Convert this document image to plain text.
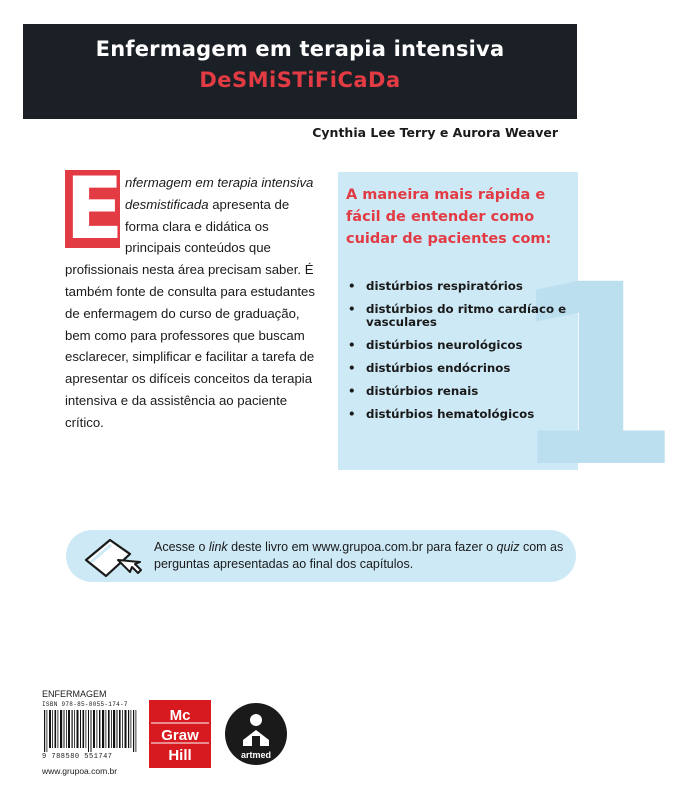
Enfermagem em terapia intensiva
DeSMiSTiFiCaDa
Cynthia Lee Terry e Aurora Weaver
E nfermagem em terapia intensiva desmistificada apresenta de forma clara e didática os principais conteúdos que profissionais nesta área precisam saber. É também fonte de consulta para estudantes de enfermagem do curso de graduação, bem como para professores que buscam esclarecer, simplificar e facilitar a tarefa de apresentar os difíceis conceitos da terapia intensiva e da assistência ao paciente crítico.	1
A maneira mais rápida e fácil de entender como cuidar de pacientes com:
• distúrbios respiratórios
• distúrbios do ritmo cardíaco e vasculares
• distúrbios neurológicos
• distúrbios endócrinos
• distúrbios renais
• distúrbios hematológicos
Acesse o link deste livro em www.grupoa.com.br para fazer o quiz com as perguntas apresentadas ao final dos capítulos.
ENFERMAGEM
ISBN 978-85-8055-174-7
9 788580 551747
www.grupoa.com.br
Mc
Graw
Hill	artmed
